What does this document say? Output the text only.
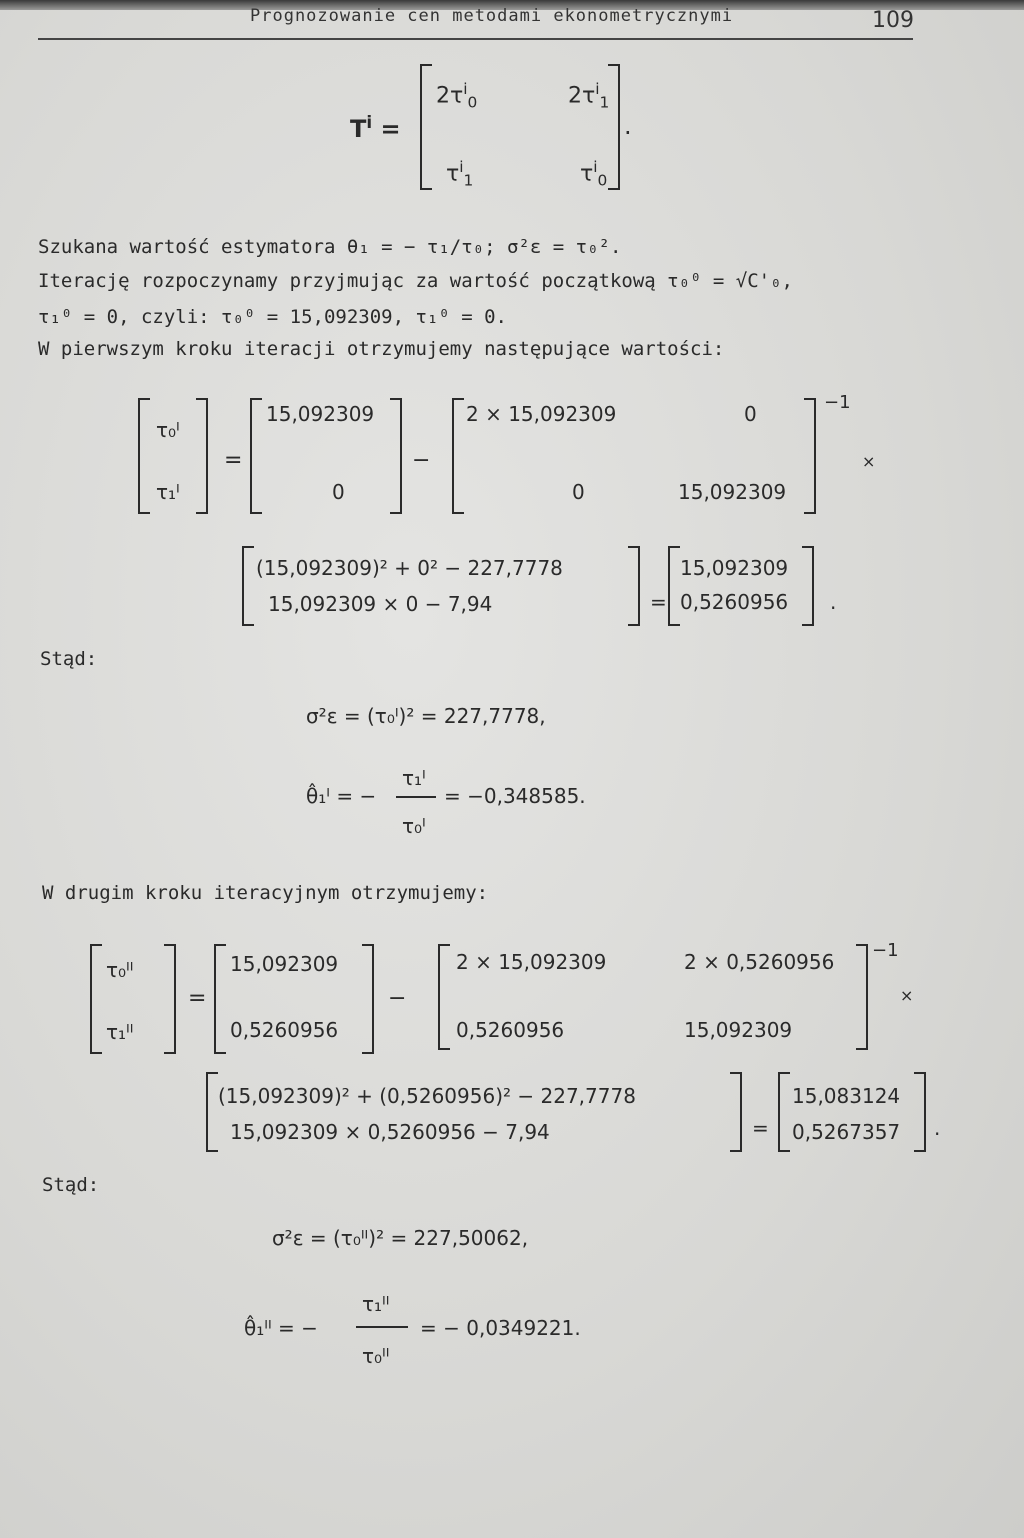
Prognozowanie cen metodami ekonometrycznymi	109
$T^i$ =
$2\tau^i_0$	$2\tau^i_1$
$\tau^i_1$	$\tau^i_0$
.
Szukana wartość estymatora θ₁ = − τ₁/τ₀; σ²ε = τ₀².
Iterację rozpoczynamy przyjmując za wartość początkową τ₀⁰ = √C'₀,
τ₁⁰ = 0, czyli: τ₀⁰ = 15,092309, τ₁⁰ = 0.
W pierwszym kroku iteracji otrzymujemy następujące wartości:
τ₀ᴵ
τ₁ᴵ
=
15,092309
0
−
2 × 15,092309	0
0	15,092309
−1
×
(15,092309)² + 0² − 227,7778
15,092309 × 0 − 7,94	=
15,092309
0,5260956 .
Stąd:
σ²ε = (τ₀ᴵ)² = 227,7778,
θ̂₁ᴵ = −
τ₁ᴵ
τ₀ᴵ
= −0,348585.
W drugim kroku iteracyjnym otrzymujemy:
τ₀ᴵᴵ
τ₁ᴵᴵ
=
15,092309
0,5260956
−
2 × 15,092309	2 × 0,5260956
0,5260956	15,092309
−1
×
(15,092309)² + (0,5260956)² − 227,7778
15,092309 × 0,5260956 − 7,94	=
15,083124
0,5267357 .
Stąd:
σ²ε = (τ₀ᴵᴵ)² = 227,50062,
θ̂₁ᴵᴵ = −
τ₁ᴵᴵ
τ₀ᴵᴵ
= − 0,0349221.
